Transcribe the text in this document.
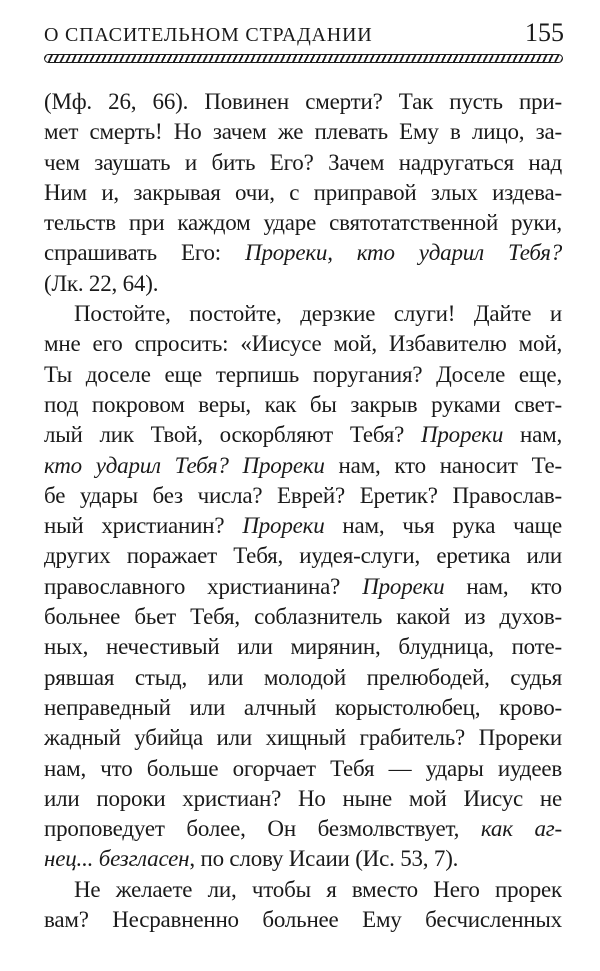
О СПАСИТЕЛЬНОМ СТРАДАНИИ	155
(Мф. 26, 66). Повинен смерти? Так пусть при-
мет смерть! Но зачем же плевать Ему в лицо, за-
чем заушать и бить Его? Зачем надругаться над
Ним и, закрывая очи, с приправой злых издева-
тельств при каждом ударе святотатственной руки,
спрашивать Его: Прореки, кто ударил Тебя?
(Лк. 22, 64).
Постойте, постойте, дерзкие слуги! Дайте и
мне его спросить: «Иисусе мой, Избавителю мой,
Ты доселе еще терпишь поругания? Доселе еще,
под покровом веры, как бы закрыв руками свет-
лый лик Твой, оскорбляют Тебя? Прореки нам,
кто ударил Тебя? Прореки нам, кто наносит Те-
бе удары без числа? Еврей? Еретик? Православ-
ный христианин? Прореки нам, чья рука чаще
других поражает Тебя, иудея-слуги, еретика или
православного христианина? Прореки нам, кто
больнее бьет Тебя, соблазнитель какой из духов-
ных, нечестивый или мирянин, блудница, поте-
рявшая стыд, или молодой прелюбодей, судья
неправедный или алчный корыстолюбец, крово-
жадный убийца или хищный грабитель? Прореки
нам, что больше огорчает Тебя — удары иудеев
или пороки христиан? Но ныне мой Иисус не
проповедует более, Он безмолвствует, как аг-
нец... безгласен, по слову Исаии (Ис. 53, 7).
Не желаете ли, чтобы я вместо Него прорек
вам? Несравненно больнее Ему бесчисленных
